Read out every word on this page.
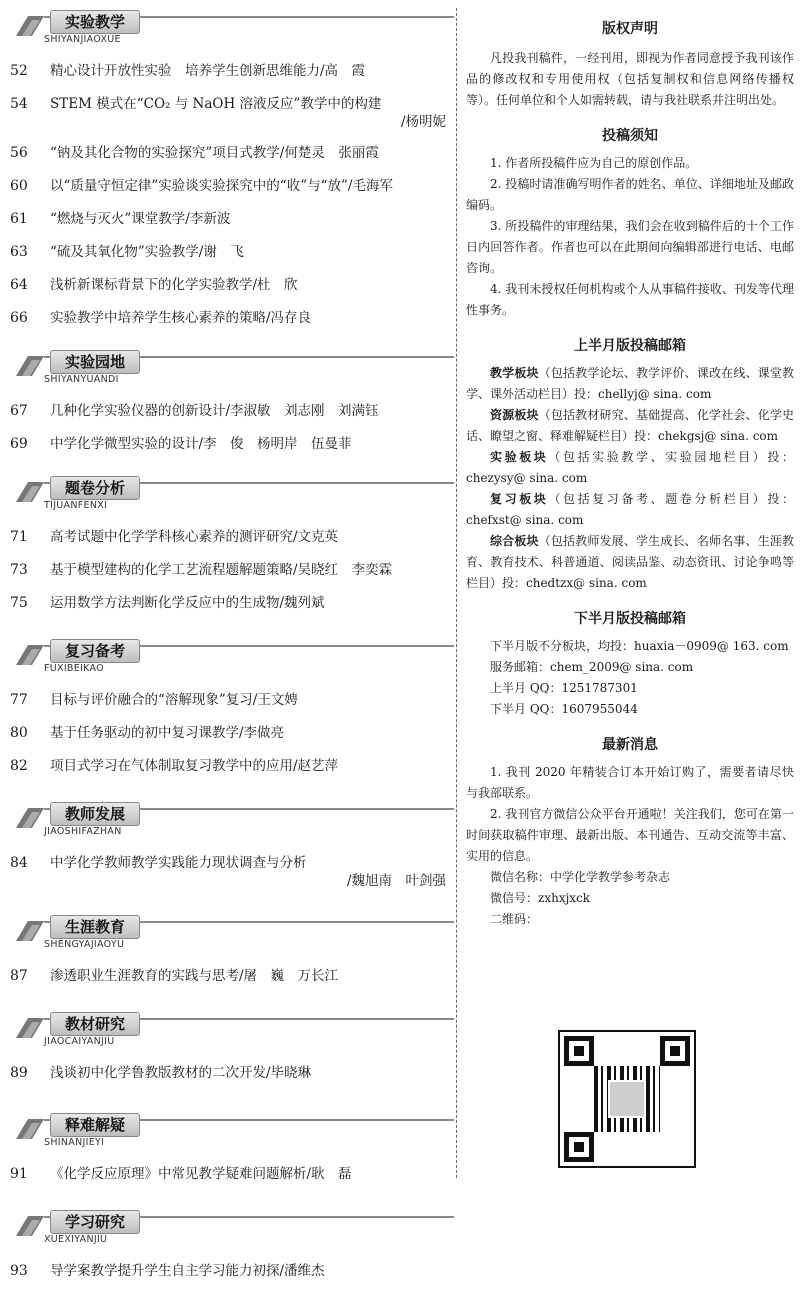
实验教学
SHIYANJIAOXUE
52	精心设计开放性实验　培养学生创新思维能力/高　霞
54	STEM 模式在“CO₂ 与 NaOH 溶液反应”教学中的构建
/杨明妮
56	“钠及其化合物的实验探究”项目式教学/何楚灵　张丽霞
60	以“质量守恒定律”实验谈实验探究中的“收”与“放”/毛海军
61	“燃烧与灭火”课堂教学/李新波
63	“硫及其氧化物”实验教学/谢　飞
64	浅析新课标背景下的化学实验教学/杜　欣
66	实验教学中培养学生核心素养的策略/冯存良
实验园地
SHIYANYUANDI
67	几种化学实验仪器的创新设计/李淑敏　刘志刚　刘满钰
69	中学化学微型实验的设计/李　俊　杨明岸　伍曼菲
题卷分析
TIJUANFENXI
71	高考试题中化学学科核心素养的测评研究/文克英
73	基于模型建构的化学工艺流程题解题策略/吴晓红　李奕霖
75	运用数学方法判断化学反应中的生成物/魏列斌
复习备考
FUXIBEIKAO
77	目标与评价融合的“溶解现象”复习/王文娉
80	基于任务驱动的初中复习课教学/李做亮
82	项目式学习在气体制取复习教学中的应用/赵艺萍
教师发展
JIAOSHIFAZHAN
84	中学化学教师教学实践能力现状调查与分析
/魏旭南　叶剑强
生涯教育
SHENGYAJIAOYU
87	渗透职业生涯教育的实践与思考/屠　巍　万长江
教材研究
JIAOCAIYANJIU
89	浅谈初中化学鲁教版教材的二次开发/毕晓琳
释难解疑
SHINANJIEYI
91	《化学反应原理》中常见教学疑难问题解析/耿　磊
学习研究
XUEXIYANJIU
93	导学案教学提升学生自主学习能力初探/潘维杰
版权声明

凡投我刊稿件，一经刊用，即视为作者同意授予我刊该作品的修改权和专用使用权（包括复制权和信息网络传播权等）。任何单位和个人如需转载，请与我社联系并注明出处。

投稿须知

1. 作者所投稿件应为自己的原创作品。

2. 投稿时请准确写明作者的姓名、单位、详细地址及邮政编码。

3. 所投稿件的审理结果，我们会在收到稿件后的十个工作日内回答作者。作者也可以在此期间向编辑部进行电话、电邮咨询。

4. 我刊未授权任何机构或个人从事稿件接收、刊发等代理性事务。

上半月版投稿邮箱

教学板块（包括教学论坛、教学评价、课改在线、课堂教学、课外活动栏目）投：chellyj@ sina. com

资源板块（包括教材研究、基础提高、化学社会、化学史话、瞭望之窗、释难解疑栏目）投：chekgsj@ sina. com

实验板块（包括实验教学、实验园地栏目）投：chezysy@ sina. com

复习板块（包括复习备考、题卷分析栏目）投：chefxst@ sina. com

综合板块（包括教师发展、学生成长、名师名事、生涯教育、教育技术、科普通道、阅读品鉴、动态资讯、讨论争鸣等栏目）投：chedtzx@ sina. com

下半月版投稿邮箱
下半月版不分板块，均投：huaxia－0909@ 163. com
服务邮箱：chem_2009@ sina. com
上半月 QQ：1251787301
下半月 QQ：1607955044
最新消息

1. 我刊 2020 年精装合订本开始订购了，需要者请尽快与我部联系。

2. 我刊官方微信公众平台开通啦！关注我们，您可在第一时间获取稿件审理、最新出版、本刊通告、互动交流等丰富、实用的信息。

微信名称：中学化学教学参考杂志
微信号：zxhxjxck
二维码：
